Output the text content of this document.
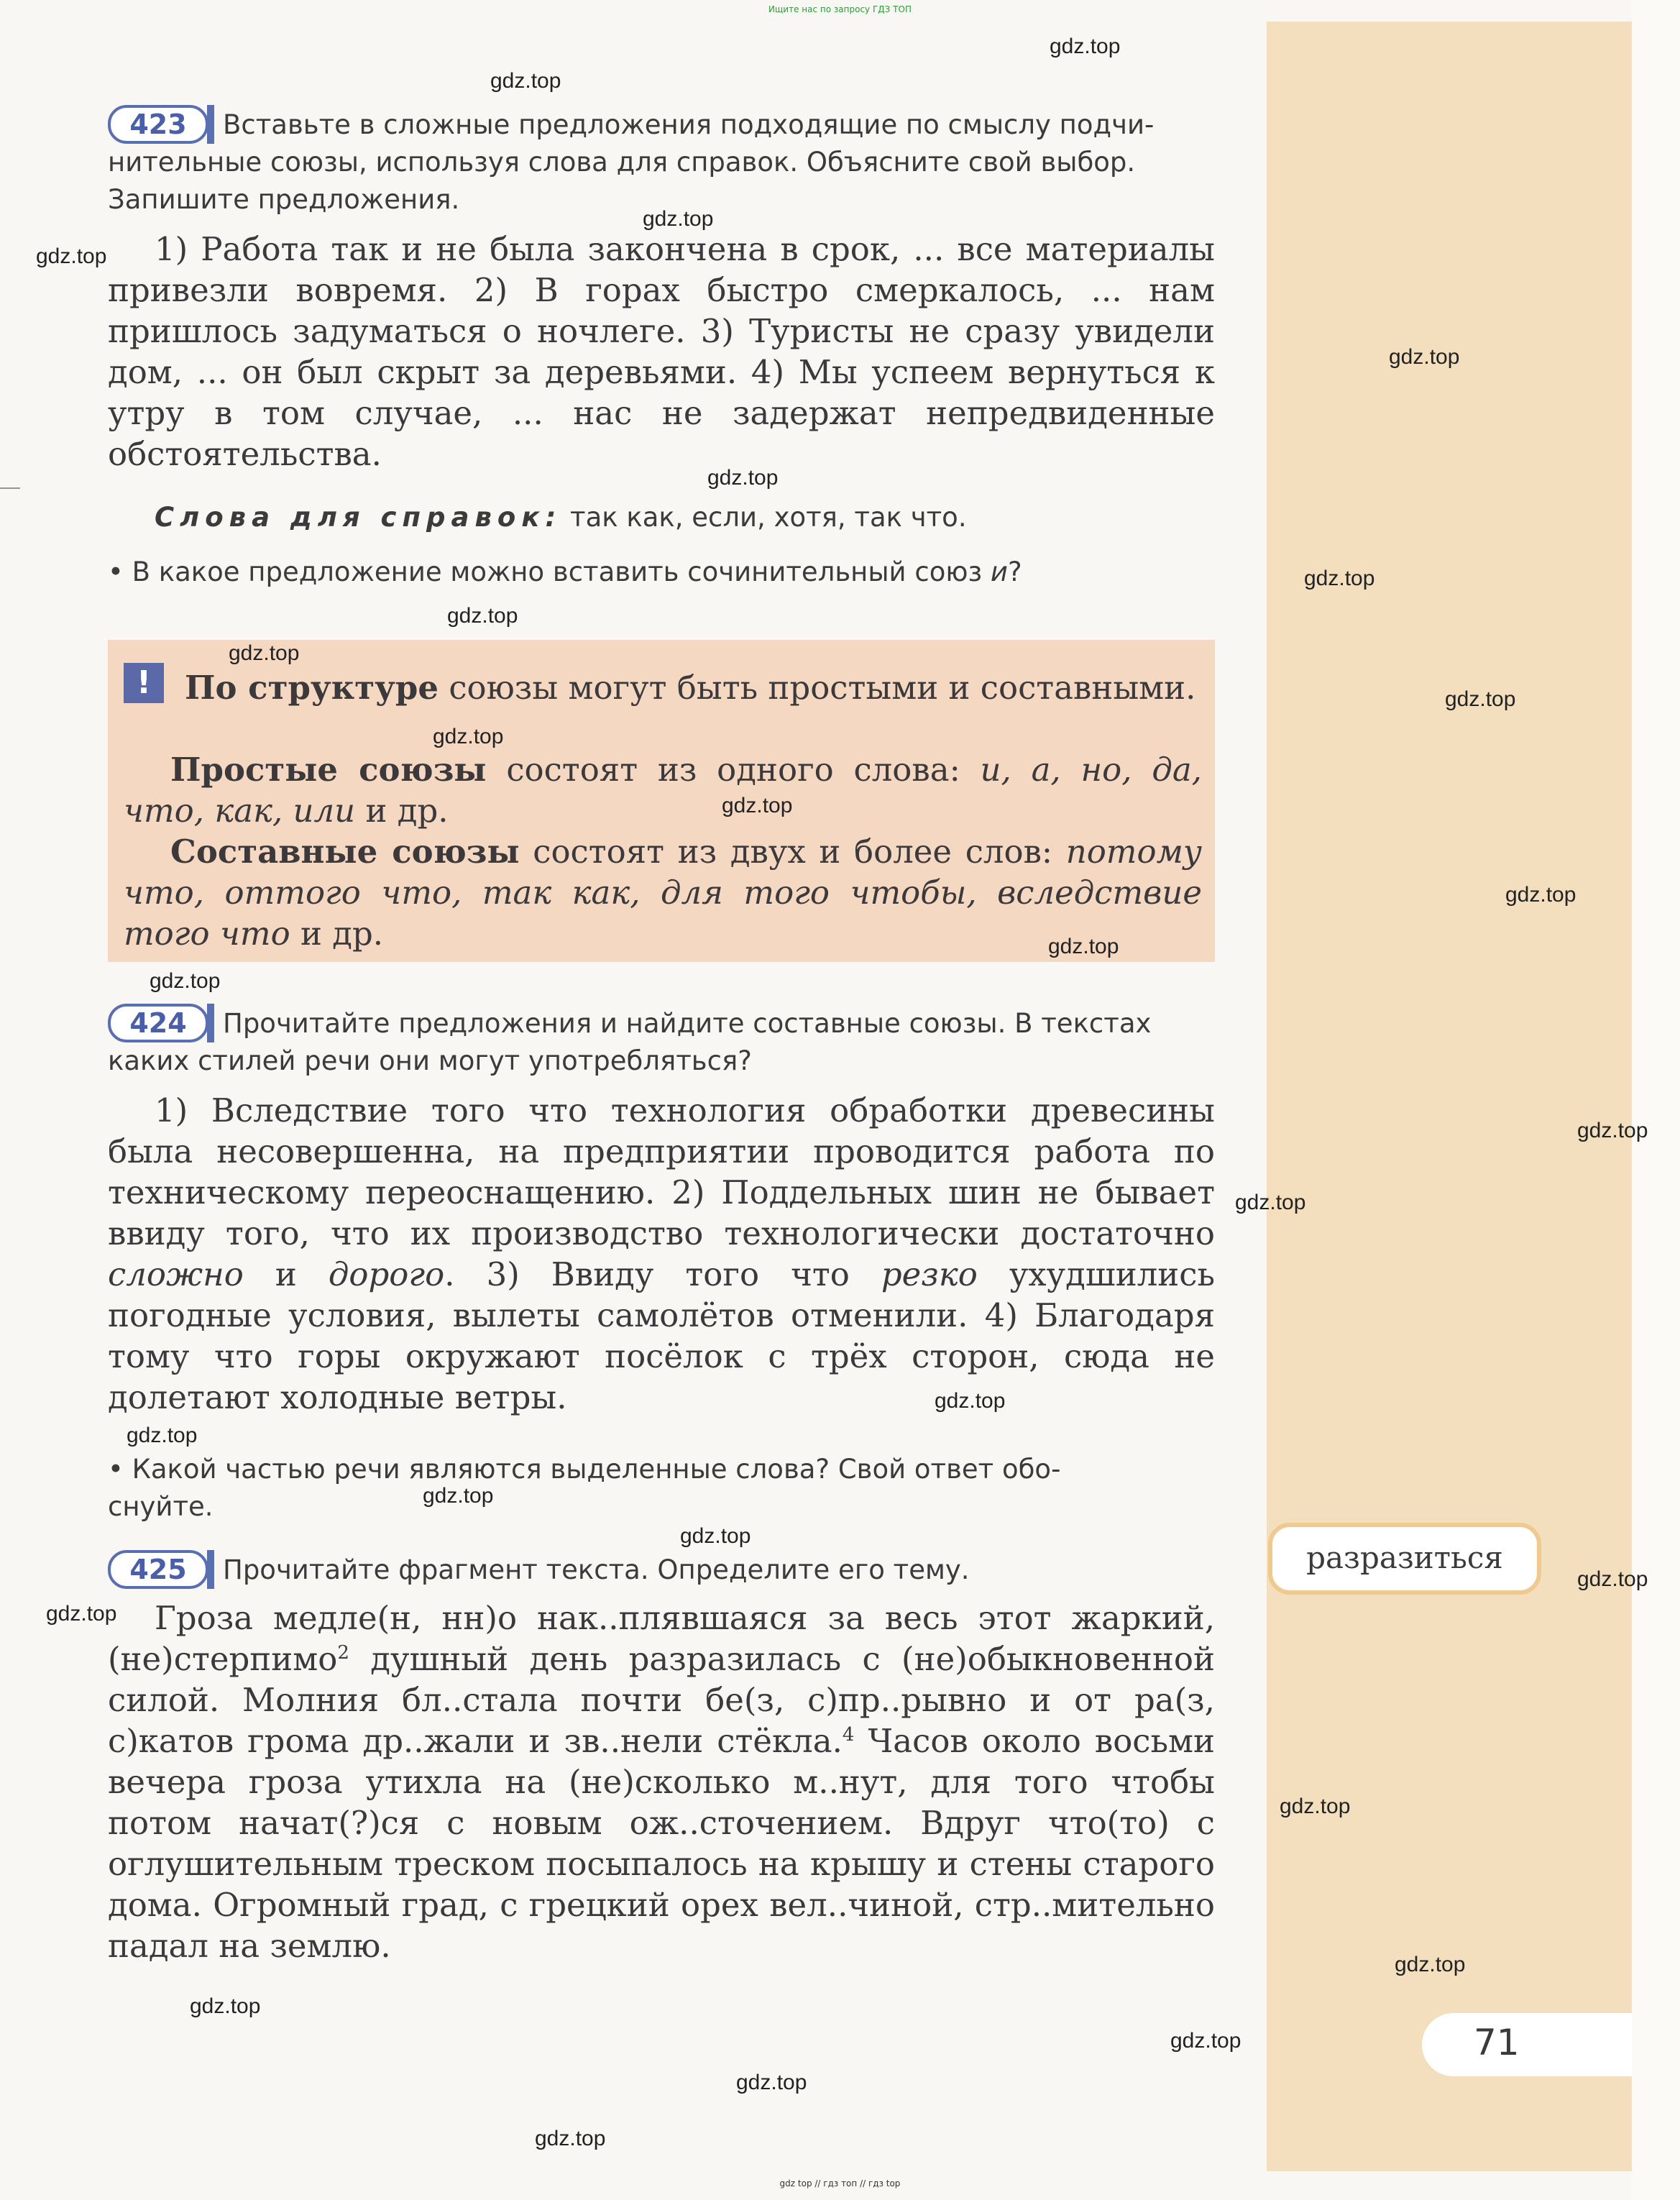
Ищите нас по запросу ГДЗ ТОП
423	Вставьте в сложные предложения подходящие по смыслу подчи-
нительные союзы, используя слова для справок. Объясните свой выбор.
Запишите предложения.
1) Работа так и не была закончена в срок, ... все материалы привезли вовремя. 2) В горах быстро смеркалось, ... нам пришлось задуматься о ночлеге. 3) Туристы не сразу увидели дом, ... он был скрыт за деревьями. 4) Мы успеем вернуться к утру в том случае, ... нас не задержат непредвиденные обстоятельства.
Слова для справок: так как, если, хотя, так что.
• В какое предложение можно вставить сочинительный союз и?
!	По структуре союзы могут быть простыми и составными.
Простые союзы состоят из одного слова: и, а, но, да, что, как, или и др.
Составные союзы состоят из двух и более слов: потому что, оттого что, так как, для того чтобы, вследствие того что и др.
424	Прочитайте предложения и найдите составные союзы. В текстах
каких стилей речи они могут употребляться?
1) Вследствие того что технология обработки древесины была несовершенна, на предприятии проводится работа по техническому переоснащению. 2) Поддельных шин не бывает ввиду того, что их производство технологически достаточно сложно и дорого. 3) Ввиду того что резко ухудшились погодные условия, вылеты самолётов отменили. 4) Благодаря тому что горы окружают посёлок с трёх сторон, сюда не долетают холодные ветры.
• Какой частью речи являются выделенные слова? Свой ответ обо-
снуйте.
425	Прочитайте фрагмент текста. Определите его тему.
Гроза медле(н, нн)о нак..плявшаяся за весь этот жаркий, (не)стерпимо$^2$ душный день разразилась с (не)обыкновенной силой. Молния бл..стала почти бе(з, с)пр..рывно и от ра(з, с)катов грома др..жали и зв..нели стёкла.$^4$ Часов около восьми вечера гроза утихла на (не)сколько м..нут, для того чтобы потом начат(?)ся с новым ож..сточением. Вдруг что(то) с оглушительным треском посыпалось на крышу и стены старого дома. Огромный град, с грецкий орех вел..чиной, стр..мительно падал на землю.
разразиться
71
gdz.top
gdz.top
gdz.top
gdz.top
gdz.top
gdz.top
gdz.top
gdz.top
gdz.top
gdz.top
gdz.top
gdz.top
gdz.top
gdz.top
gdz.top
gdz.top
gdz.top
gdz.top
gdz.top
gdz.top
gdz.top
gdz.top
gdz.top
gdz.top
gdz.top
gdz.top
gdz.top
gdz.top
gdz.top
gdz top // гдз топ // гдз top
